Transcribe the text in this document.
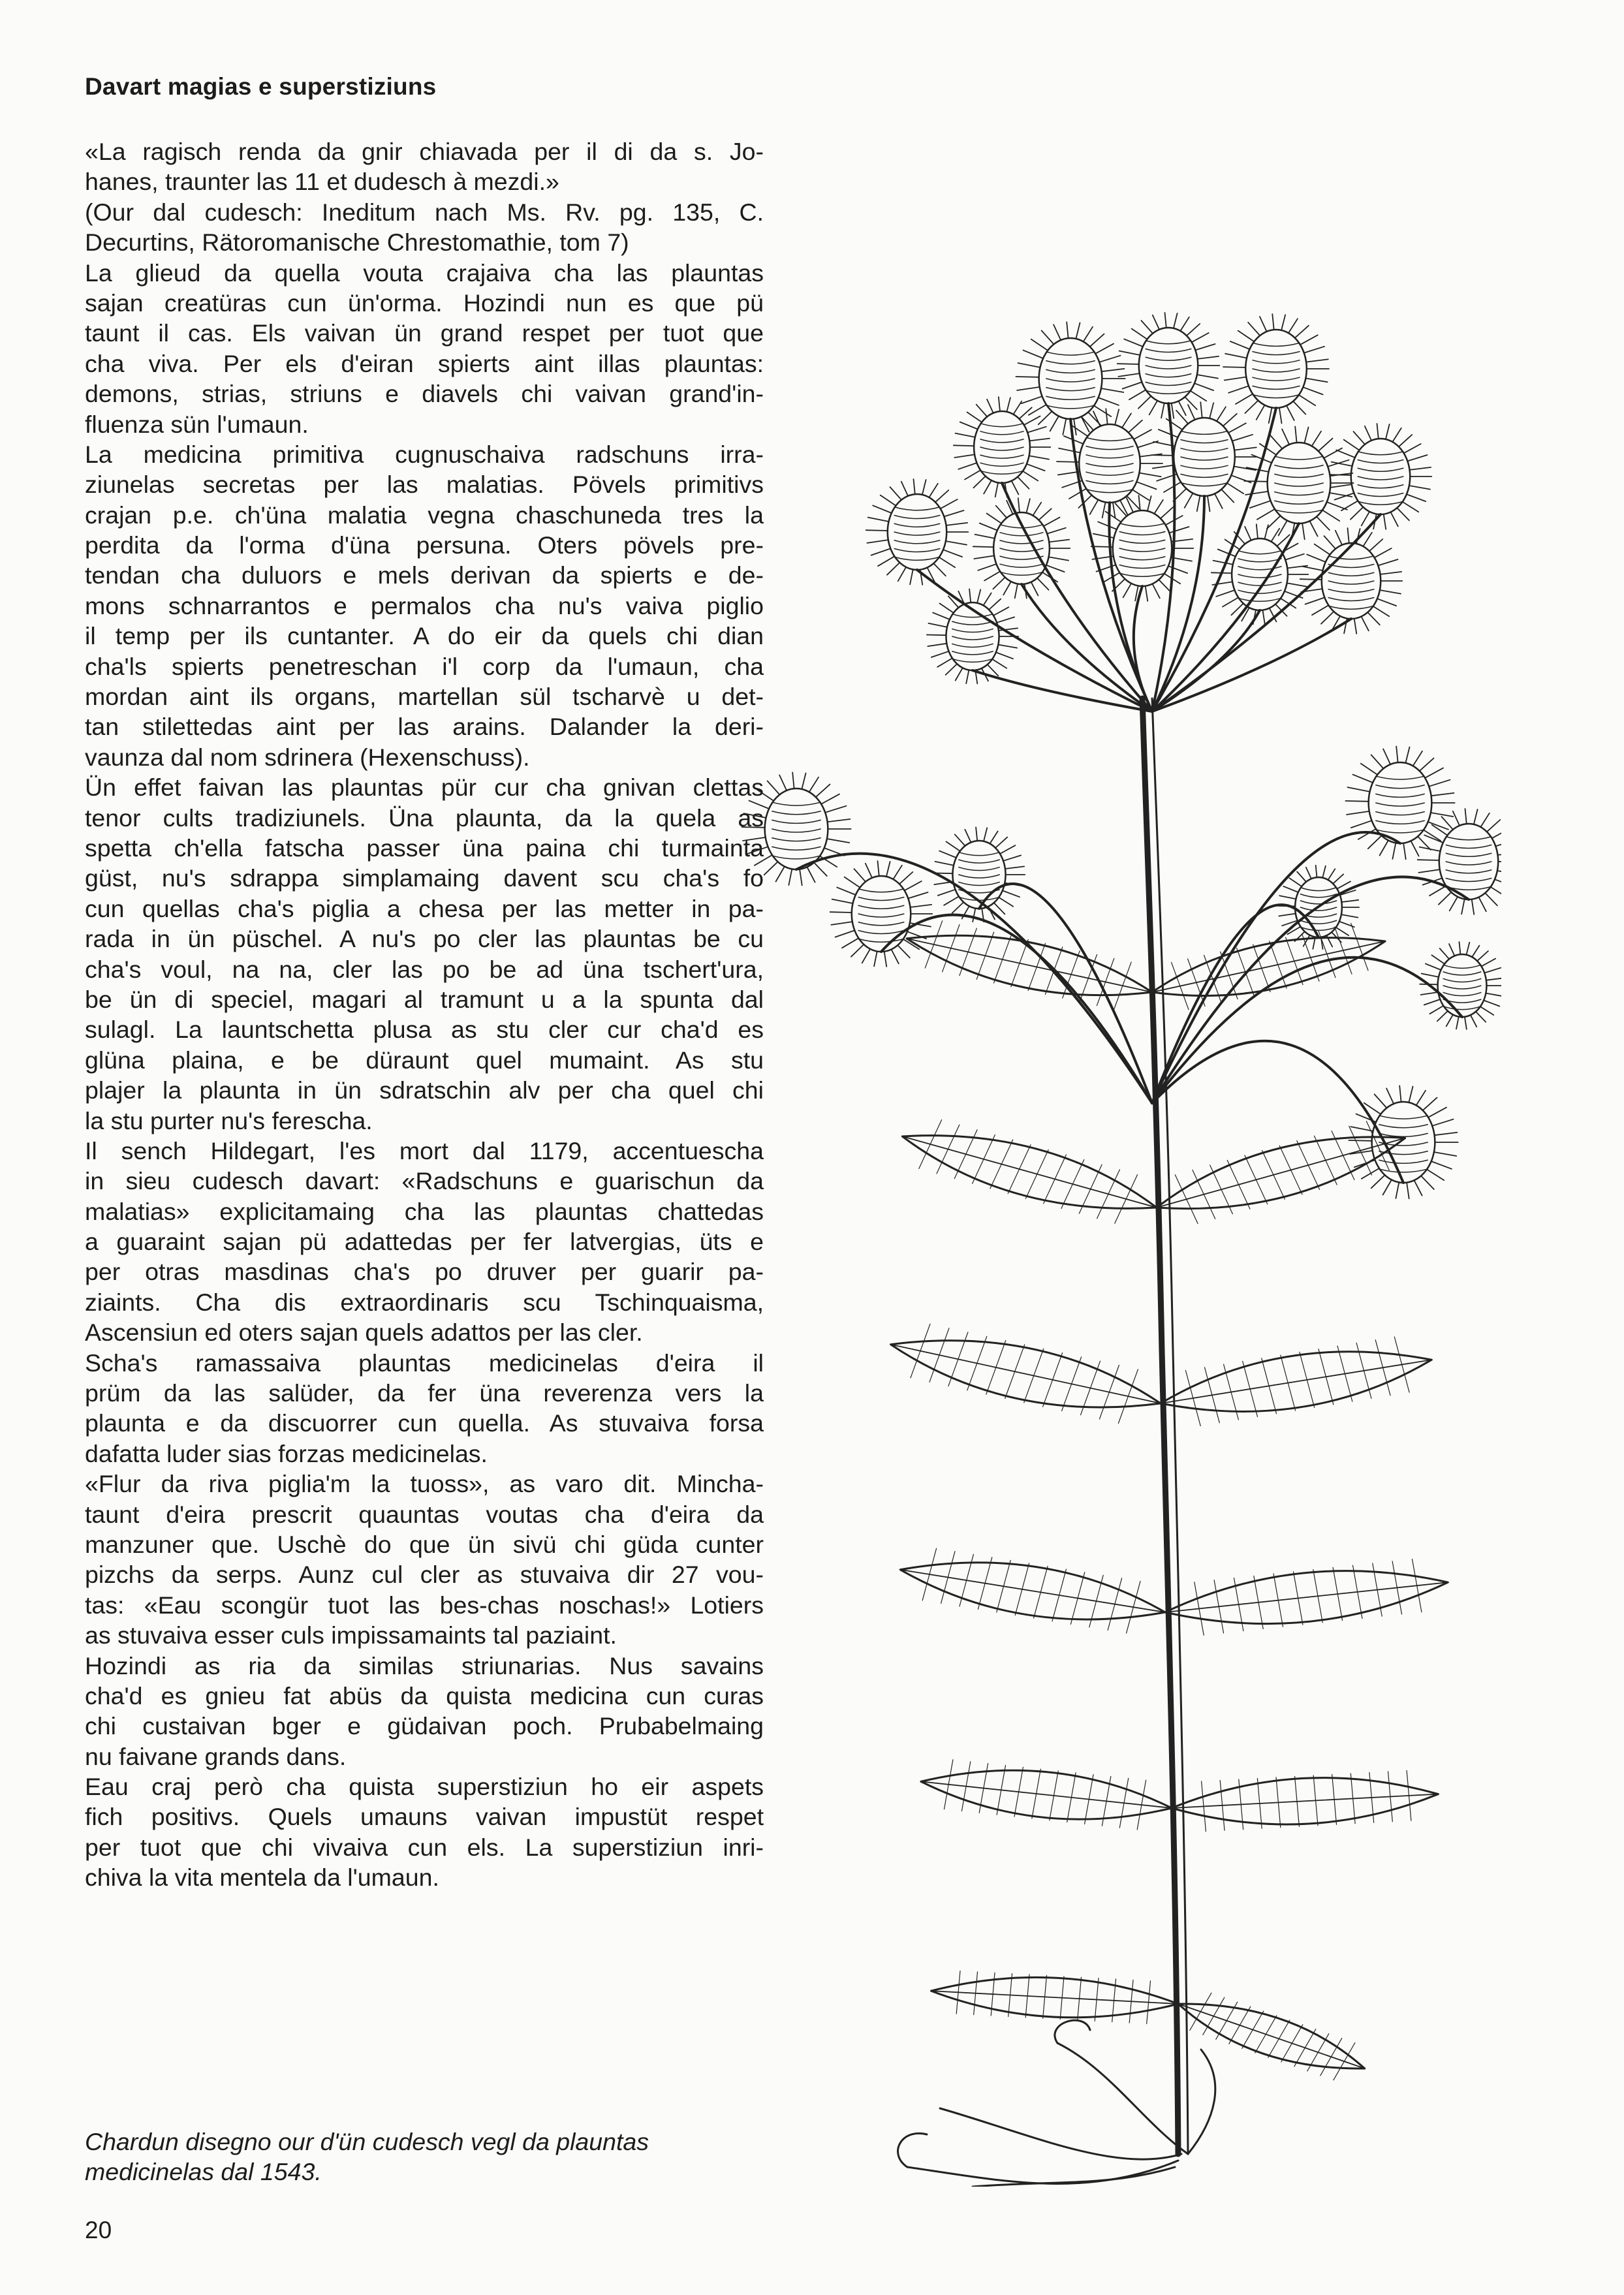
Davart magias e superstiziuns
«La ragisch renda da gnir chiavada per il di da s. Jo-
hanes, traunter las 11 et dudesch à mezdi.»
(Our dal cudesch: Ineditum nach Ms. Rv. pg. 135, C.
Decurtins, Rätoromanische Chrestomathie, tom 7)
La glieud da quella vouta crajaiva cha las plauntas
sajan creatüras cun ün'orma. Hozindi nun es que pü
taunt il cas. Els vaivan ün grand respet per tuot que
cha viva. Per els d'eiran spierts aint illas plauntas:
demons, strias, striuns e diavels chi vaivan grand'in-
fluenza sün l'umaun.
La medicina primitiva cugnuschaiva radschuns irra-
ziunelas secretas per las malatias. Pövels primitivs
crajan p.e. ch'üna malatia vegna chaschuneda tres la
perdita da l'orma d'üna persuna. Oters pövels pre-
tendan cha duluors e mels derivan da spierts e de-
mons schnarrantos e permalos cha nu's vaiva piglio
il temp per ils cuntanter. A do eir da quels chi dian
cha'ls spierts penetreschan i'l corp da l'umaun, cha
mordan aint ils organs, martellan sül tscharvè u det-
tan stilettedas aint per las arains. Dalander la deri-
vaunza dal nom sdrinera (Hexenschuss).
Ün effet faivan las plauntas pür cur cha gnivan clettas
tenor cults tradiziunels. Üna plaunta, da la quela as
spetta ch'ella fatscha passer üna paina chi turmainta
güst, nu's sdrappa simplamaing davent scu cha's fo
cun quellas cha's piglia a chesa per las metter in pa-
rada in ün püschel. A nu's po cler las plauntas be cu
cha's voul, na na, cler las po be ad üna tschert'ura,
be ün di speciel, magari al tramunt u a la spunta dal
sulagl. La launtschetta plusa as stu cler cur cha'd es
glüna plaina, e be düraunt quel mumaint. As stu
plajer la plaunta in ün sdratschin alv per cha quel chi
la stu purter nu's ferescha.
Il sench Hildegart, l'es mort dal 1179, accentuescha
in sieu cudesch davart: «Radschuns e guarischun da
malatias» explicitamaing cha las plauntas chattedas
a guaraint sajan pü adattedas per fer latvergias, üts e
per otras masdinas cha's po druver per guarir pa-
ziaints. Cha dis extraordinaris scu Tschinquaisma,
Ascensiun ed oters sajan quels adattos per las cler.
Scha's ramassaiva plauntas medicinelas d'eira il
prüm da las salüder, da fer üna reverenza vers la
plaunta e da discuorrer cun quella. As stuvaiva forsa
dafatta luder sias forzas medicinelas.
«Flur da riva piglia'm la tuoss», as varo dit. Mincha-
taunt d'eira prescrit quauntas voutas cha d'eira da
manzuner que. Uschè do que ün sivü chi güda cunter
pizchs da serps. Aunz cul cler as stuvaiva dir 27 vou-
tas: «Eau scongür tuot las bes-chas noschas!» Lotiers
as stuvaiva esser culs impissamaints tal paziaint.
Hozindi as ria da similas striunarias. Nus savains
cha'd es gnieu fat abüs da quista medicina cun curas
chi custaivan bger e güdaivan poch. Prubabelmaing
nu faivane grands dans.
Eau craj però cha quista superstiziun ho eir aspets
fich positivs. Quels umauns vaivan impustüt respet
per tuot que chi vivaiva cun els. La superstiziun inri-
chiva la vita mentela da l'umaun.
Chardun disegno our d'ün cudesch vegl da plauntas
medicinelas dal 1543.
20
